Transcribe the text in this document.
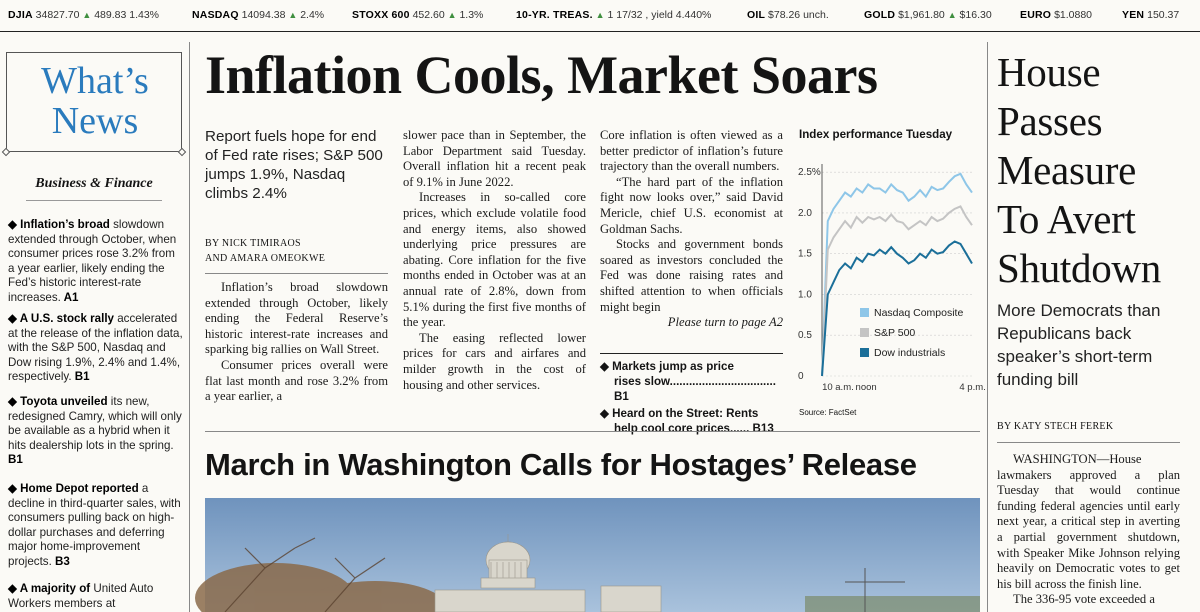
DJIA 34827.70 ▲ 489.83 1.43%	NASDAQ 14094.38 ▲ 2.4%	STOXX 600 452.60 ▲ 1.3%	10-YR. TREAS. ▲ 1 17/32 , yield 4.440%	OIL $78.26 unch.	GOLD $1,961.80 ▲ $16.30	EURO $1.0880	YEN 150.37
What’s
News
Business & Finance
◆ Inflation’s broad slowdown extended through October, when consumer prices rose 3.2% from a year earlier, likely ending the Fed’s historic interest-rate increases. A1
◆ A U.S. stock rally accelerated at the release of the inflation data, with the S&P 500, Nasdaq and Dow rising 1.9%, 2.4% and 1.4%, respectively. B1
◆ Toyota unveiled its new, redesigned Camry, which will only be available as a hybrid when it hits dealership lots in the spring. B1
◆ Home Depot reported a decline in third-quarter sales, with consumers pulling back on high-dollar purchases and deferring major home-improvement projects. B3
◆ A majority of United Auto Workers members at
Inflation Cools, Market Soars
Report fuels hope for end of Fed rate rises; S&P 500 jumps 1.9%, Nasdaq climbs 2.4%
BY NICK TIMIRAOS
AND AMARA OMEOKWE

Inflation’s broad slowdown extended through October, likely ending the Federal Reserve’s historic interest-rate increases and sparking big rallies on Wall Street.

Consumer prices overall were flat last month and rose 3.2% from a year earlier, a

slower pace than in September, the Labor Department said Tuesday. Overall inflation hit a recent peak of 9.1% in June 2022.

Increases in so-called core prices, which exclude volatile food and energy items, also showed underlying price pressures are abating. Core inflation for the five months ended in October was at an annual rate of 2.8%, down from 5.1% during the first five months of the year.

The easing reflected lower prices for cars and airfares and milder growth in the cost of housing and other services.

Core inflation is often viewed as a better predictor of inflation’s future trajectory than the overall numbers.

“The hard part of the inflation fight now looks over,” said David Mericle, chief U.S. economist at Goldman Sachs.

Stocks and government bonds soared as investors concluded the Fed was done raising rates and shifted attention to when officials might begin

Please turn to page A2

◆ Markets jump as price
rises slow................................. B1
◆ Heard on the Street: Rents
help cool core prices...... B13
Index performance Tuesday
2.5%
2.0
1.5
1.0
0.5
0
10 a.m. noon	4 p.m.
Nasdaq Composite
S&P 500
Dow industrials
Source: FactSet
March in Washington Calls for Hostages’ Release
House
Passes
Measure
To Avert
Shutdown
More Democrats than Republicans back speaker’s short-term funding bill
BY KATY STECH FEREK

WASHINGTON—House lawmakers approved a plan Tuesday that would continue funding federal agencies until early next year, a critical step in averting a partial government shutdown, with Speaker Mike Johnson relying heavily on Democratic votes to get his bill across the finish line.

The 336-95 vote exceeded a
